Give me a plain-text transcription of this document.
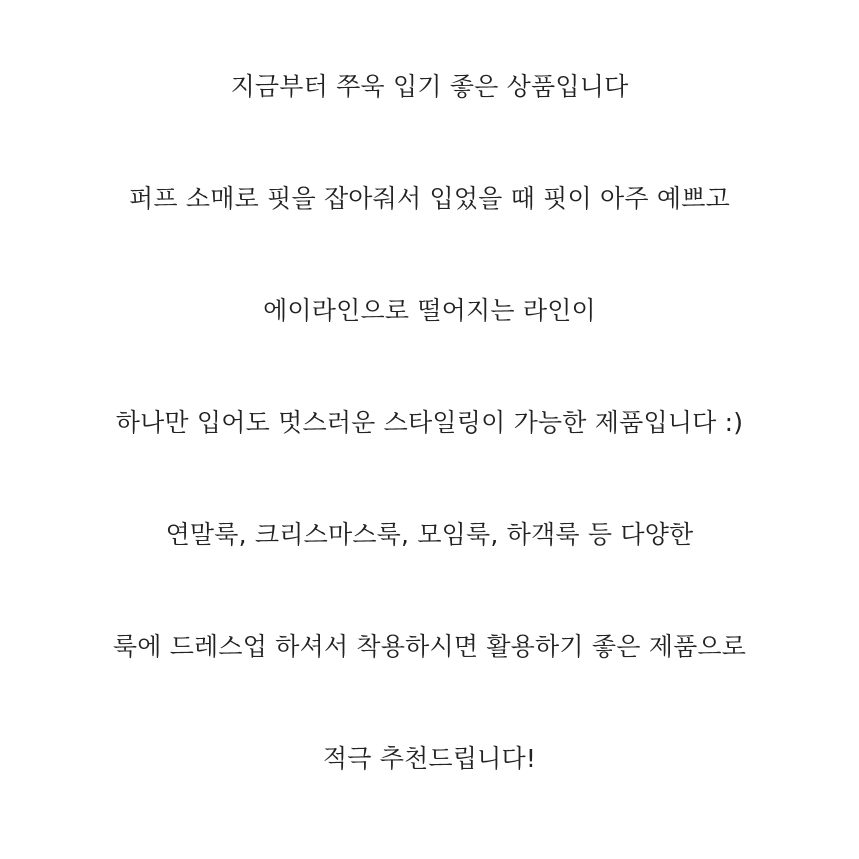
지금부터 쭈욱 입기 좋은 상품입니다

퍼프 소매로 핏을 잡아줘서 입었을 때 핏이 아주 예쁘고

에이라인으로 떨어지는 라인이

하나만 입어도 멋스러운 스타일링이 가능한 제품입니다 :)

연말룩, 크리스마스룩, 모임룩, 하객룩 등 다양한

룩에 드레스업 하셔서 착용하시면 활용하기 좋은 제품으로

적극 추천드립니다!
